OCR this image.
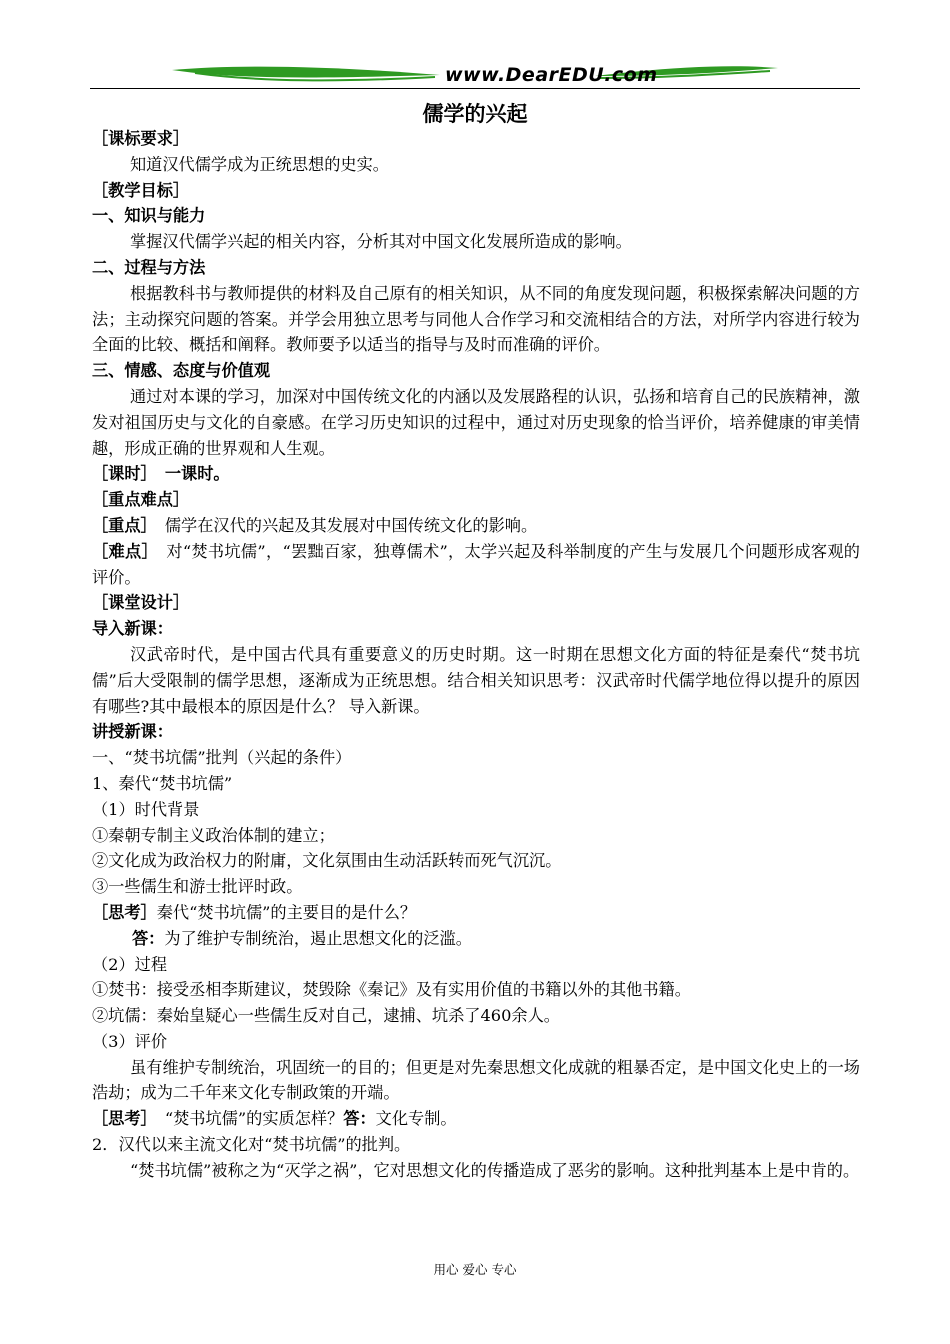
www.DearEDU.com
儒学的兴起

［课标要求］

知道汉代儒学成为正统思想的史实。

［教学目标］

一、知识与能力

掌握汉代儒学兴起的相关内容，分析其对中国文化发展所造成的影响。

二、过程与方法

根据教科书与教师提供的材料及自己原有的相关知识，从不同的角度发现问题，积极探索解决问题的方法；主动探究问题的答案。并学会用独立思考与同他人合作学习和交流相结合的方法，对所学内容进行较为全面的比较、概括和阐释。教师要予以适当的指导与及时而准确的评价。

三、情感、态度与价值观

通过对本课的学习，加深对中国传统文化的内涵以及发展路程的认识，弘扬和培育自己的民族精神，激发对祖国历史与文化的自豪感。在学习历史知识的过程中，通过对历史现象的恰当评价，培养健康的审美情趣，形成正确的世界观和人生观。

［课时］　一课时。

［重点难点］

［重点］　儒学在汉代的兴起及其发展对中国传统文化的影响。

［难点］　对“焚书坑儒”，“罢黜百家，独尊儒术”，太学兴起及科举制度的产生与发展几个问题形成客观的评价。

［课堂设计］

导入新课：

汉武帝时代，是中国古代具有重要意义的历史时期。这一时期在思想文化方面的特征是秦代“焚书坑儒”后大受限制的儒学思想，逐渐成为正统思想。结合相关知识思考：汉武帝时代儒学地位得以提升的原因有哪些?其中最根本的原因是什么？ 导入新课。

讲授新课：

一、“焚书坑儒”批判（兴起的条件）

1、秦代“焚书坑儒”

（1）时代背景

①秦朝专制主义政治体制的建立；

②文化成为政治权力的附庸，文化氛围由生动活跃转而死气沉沉。

③一些儒生和游士批评时政。

［思考］秦代“焚书坑儒”的主要目的是什么？

答：为了维护专制统治，遏止思想文化的泛滥。

（2）过程

①焚书：接受丞相李斯建议，焚毁除《秦记》及有实用价值的书籍以外的其他书籍。

②坑儒：秦始皇疑心一些儒生反对自己，逮捕、坑杀了460余人。

（3）评价

虽有维护专制统治，巩固统一的目的；但更是对先秦思想文化成就的粗暴否定，是中国文化史上的一场浩劫；成为二千年来文化专制政策的开端。

［思考］　“焚书坑儒”的实质怎样？答：文化专制。

2．汉代以来主流文化对“焚书坑儒”的批判。

“焚书坑儒”被称之为“灭学之祸”，它对思想文化的传播造成了恶劣的影响。这种批判基本上是中肯的。

用心 爱心 专心
